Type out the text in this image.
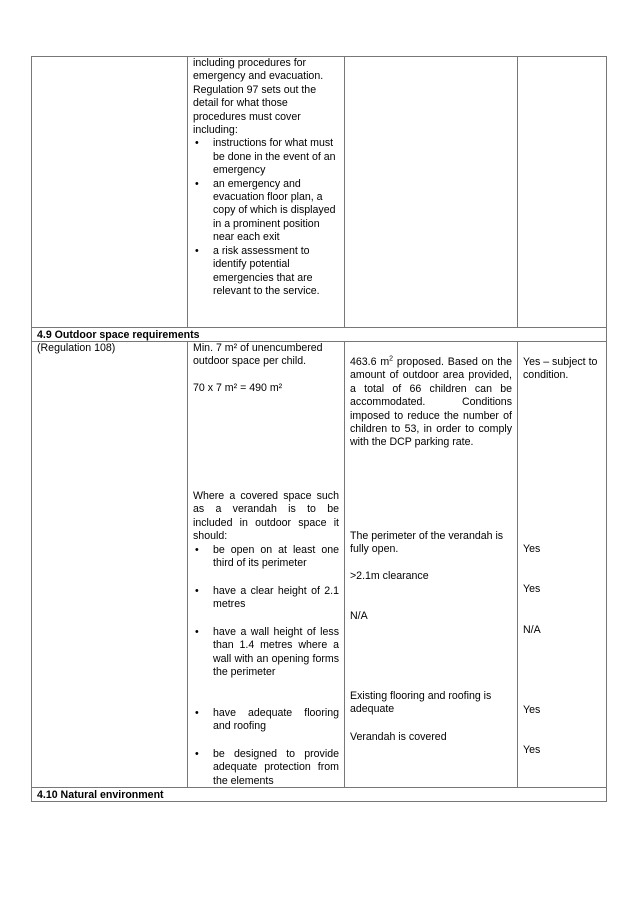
including procedures for emergency and evacuation. Regulation 97 sets out the detail for what those procedures must cover including:
• instructions for what must be done in the event of an emergency
• an emergency and evacuation floor plan, a copy of which is displayed in a prominent position near each exit
• a risk assessment to identify potential emergencies that are relevant to the service.
4.9 Outdoor space requirements
(Regulation 108)	Min. 7 m² of unencumbered outdoor space per child.
70 x 7 m² = 490 m²
Where a covered space such as a verandah is to be included in outdoor space it should:
• be open on at least one third of its perimeter
• have a clear height of 2.1 metres
• have a wall height of less than 1.4 metres where a wall with an opening forms the perimeter
• have adequate flooring and roofing
• be designed to provide adequate protection from the elements
463.6 $m^2$ proposed. Based on the amount of outdoor area provided, a total of 66 children can be accommodated. Conditions imposed to reduce the number of children to 53, in order to comply with the DCP parking rate.
The perimeter of the verandah is fully open.
>2.1m clearance
N/A
Existing flooring and roofing is adequate
Verandah is covered
Yes – subject to condition.
Yes
Yes
N/A
Yes
Yes
4.10 Natural environment
